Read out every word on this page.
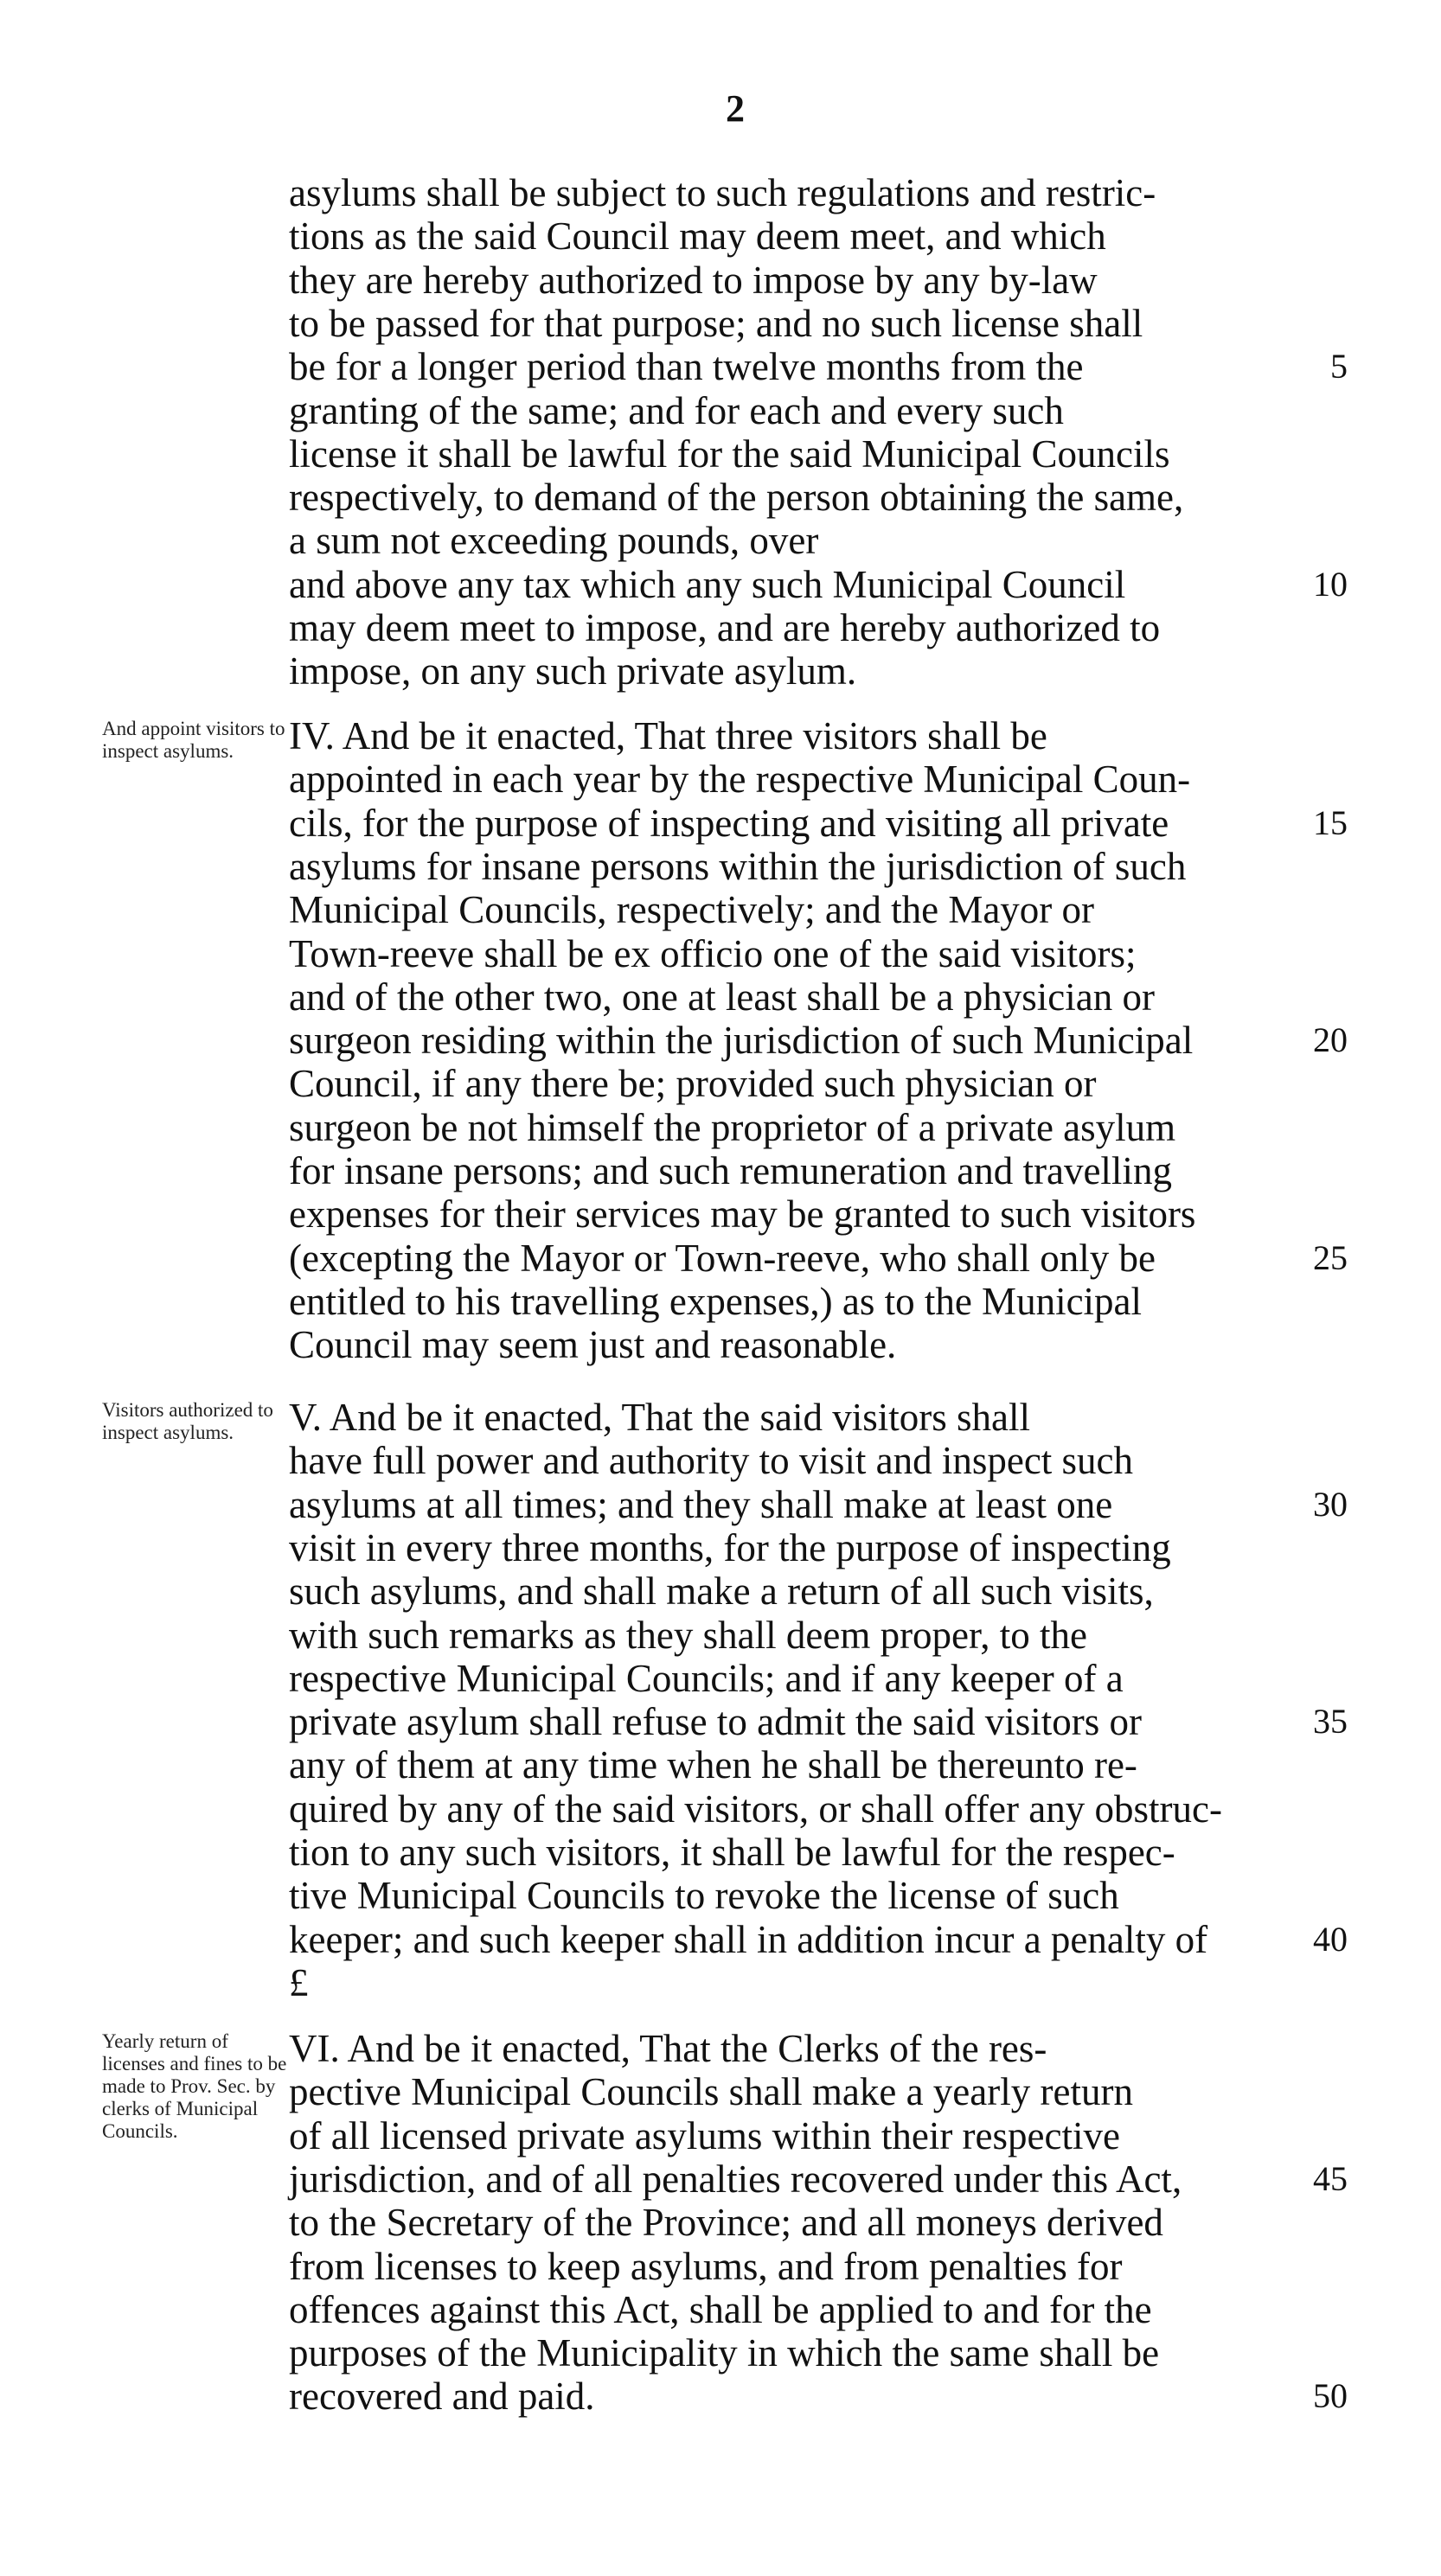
2
asylums shall be subject to such regulations and restric-
tions as the said Council may deem meet, and which
they are hereby authorized to impose by any by-law
to be passed for that purpose; and no such license shall
be for a longer period than twelve months from the	5
granting of the same; and for each and every such
license it shall be lawful for the said Municipal Councils
respectively, to demand of the person obtaining the same,
a sum not exceeding pounds, over
and above any tax which any such Municipal Council	10
may deem meet to impose, and are hereby authorized to
impose, on any such private asylum.
And appoint visitors to inspect asylums.	IV. And be it enacted, That three visitors shall be
appointed in each year by the respective Municipal Coun-
cils, for the purpose of inspecting and visiting all private	15
asylums for insane persons within the jurisdiction of such
Municipal Councils, respectively; and the Mayor or
Town-reeve shall be ex officio one of the said visitors;
and of the other two, one at least shall be a physician or
surgeon residing within the jurisdiction of such Municipal	20
Council, if any there be; provided such physician or
surgeon be not himself the proprietor of a private asylum
for insane persons; and such remuneration and travelling
expenses for their services may be granted to such visitors
(excepting the Mayor or Town-reeve, who shall only be	25
entitled to his travelling expenses,) as to the Municipal
Council may seem just and reasonable.
Visitors authorized to inspect asylums.	V. And be it enacted, That the said visitors shall
have full power and authority to visit and inspect such
asylums at all times; and they shall make at least one	30
visit in every three months, for the purpose of inspecting
such asylums, and shall make a return of all such visits,
with such remarks as they shall deem proper, to the
respective Municipal Councils; and if any keeper of a
private asylum shall refuse to admit the said visitors or	35
any of them at any time when he shall be thereunto re-
quired by any of the said visitors, or shall offer any obstruc-
tion to any such visitors, it shall be lawful for the respec-
tive Municipal Councils to revoke the license of such
keeper; and such keeper shall in addition incur a penalty of	40
£
Yearly return of licenses and fines to be made to Prov. Sec. by clerks of Municipal Councils.
VI. And be it enacted, That the Clerks of the res-
pective Municipal Councils shall make a yearly return
of all licensed private asylums within their respective
jurisdiction, and of all penalties recovered under this Act,	45
to the Secretary of the Province; and all moneys derived
from licenses to keep asylums, and from penalties for
offences against this Act, shall be applied to and for the
purposes of the Municipality in which the same shall be
recovered and paid.	50
